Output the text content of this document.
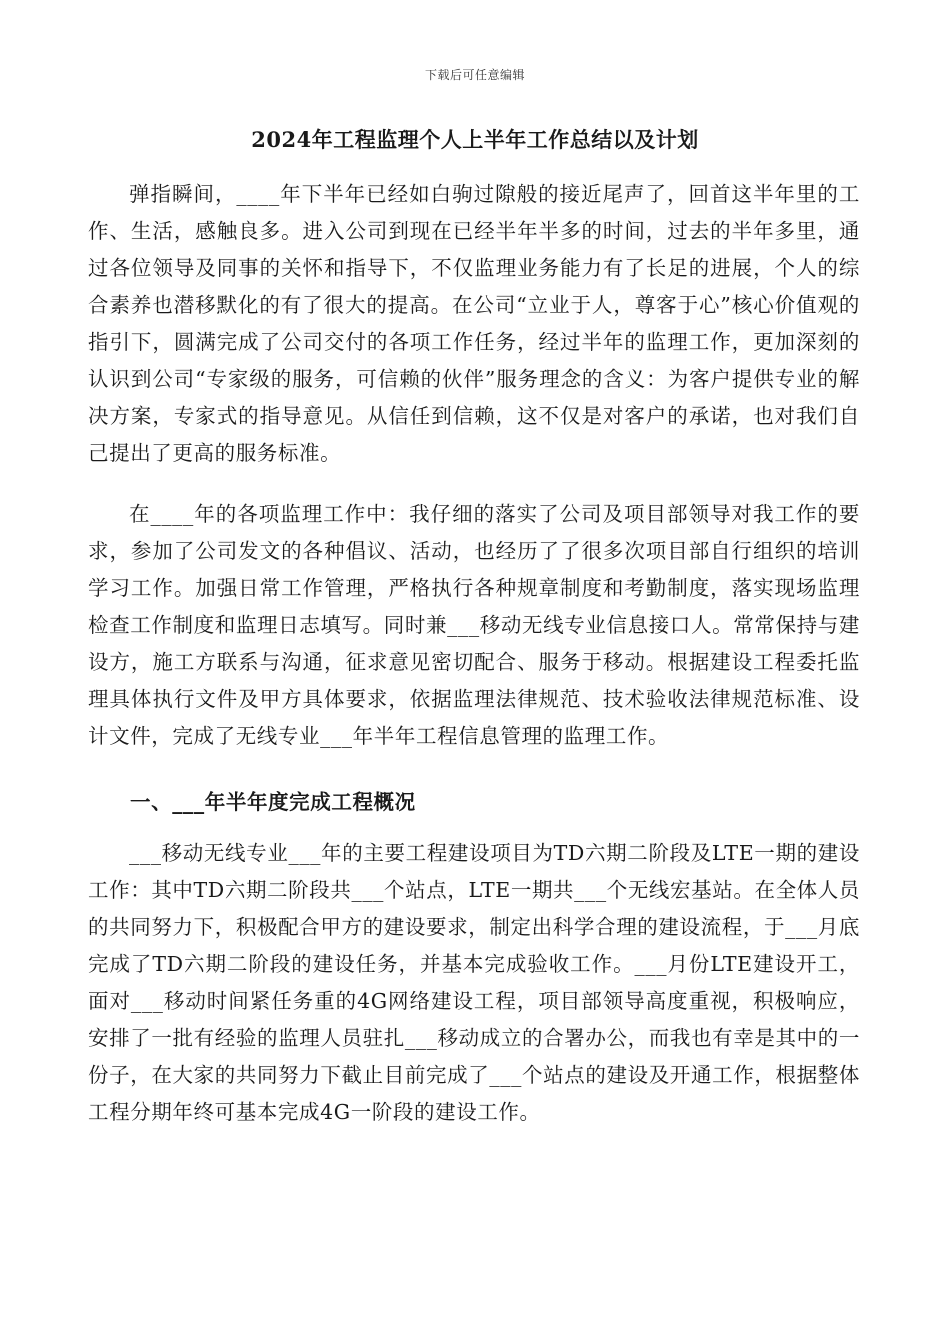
下载后可任意编辑
2024年工程监理个人上半年工作总结以及计划

弹指瞬间，____年下半年已经如白驹过隙般的接近尾声了，回首这半年里的工作、生活，感触良多。进入公司到现在已经半年半多的时间，过去的半年多里，通过各位领导及同事的关怀和指导下，不仅监理业务能力有了长足的进展，个人的综合素养也潜移默化的有了很大的提高。在公司“立业于人，尊客于心”核心价值观的指引下，圆满完成了公司交付的各项工作任务，经过半年的监理工作，更加深刻的认识到公司“专家级的服务，可信赖的伙伴”服务理念的含义：为客户提供专业的解决方案，专家式的指导意见。从信任到信赖，这不仅是对客户的承诺，也对我们自己提出了更高的服务标准。

在____年的各项监理工作中：我仔细的落实了公司及项目部领导对我工作的要求，参加了公司发文的各种倡议、活动，也经历了了很多次项目部自行组织的培训学习工作。加强日常工作管理，严格执行各种规章制度和考勤制度，落实现场监理检查工作制度和监理日志填写。同时兼___移动无线专业信息接口人。常常保持与建设方，施工方联系与沟通，征求意见密切配合、服务于移动。根据建设工程委托监理具体执行文件及甲方具体要求，依据监理法律规范、技术验收法律规范标准、设计文件，完成了无线专业___年半年工程信息管理的监理工作。

一、___年半年度完成工程概况

___移动无线专业___年的主要工程建设项目为TD六期二阶段及LTE一期的建设工作：其中TD六期二阶段共___个站点，LTE一期共___个无线宏基站。在全体人员的共同努力下，积极配合甲方的建设要求，制定出科学合理的建设流程，于___月底完成了TD六期二阶段的建设任务，并基本完成验收工作。___月份LTE建设开工，面对___移动时间紧任务重的4G网络建设工程，项目部领导高度重视，积极响应，安排了一批有经验的监理人员驻扎___移动成立的合署办公，而我也有幸是其中的一份子，在大家的共同努力下截止目前完成了___个站点的建设及开通工作，根据整体工程分期年终可基本完成4G一阶段的建设工作。
